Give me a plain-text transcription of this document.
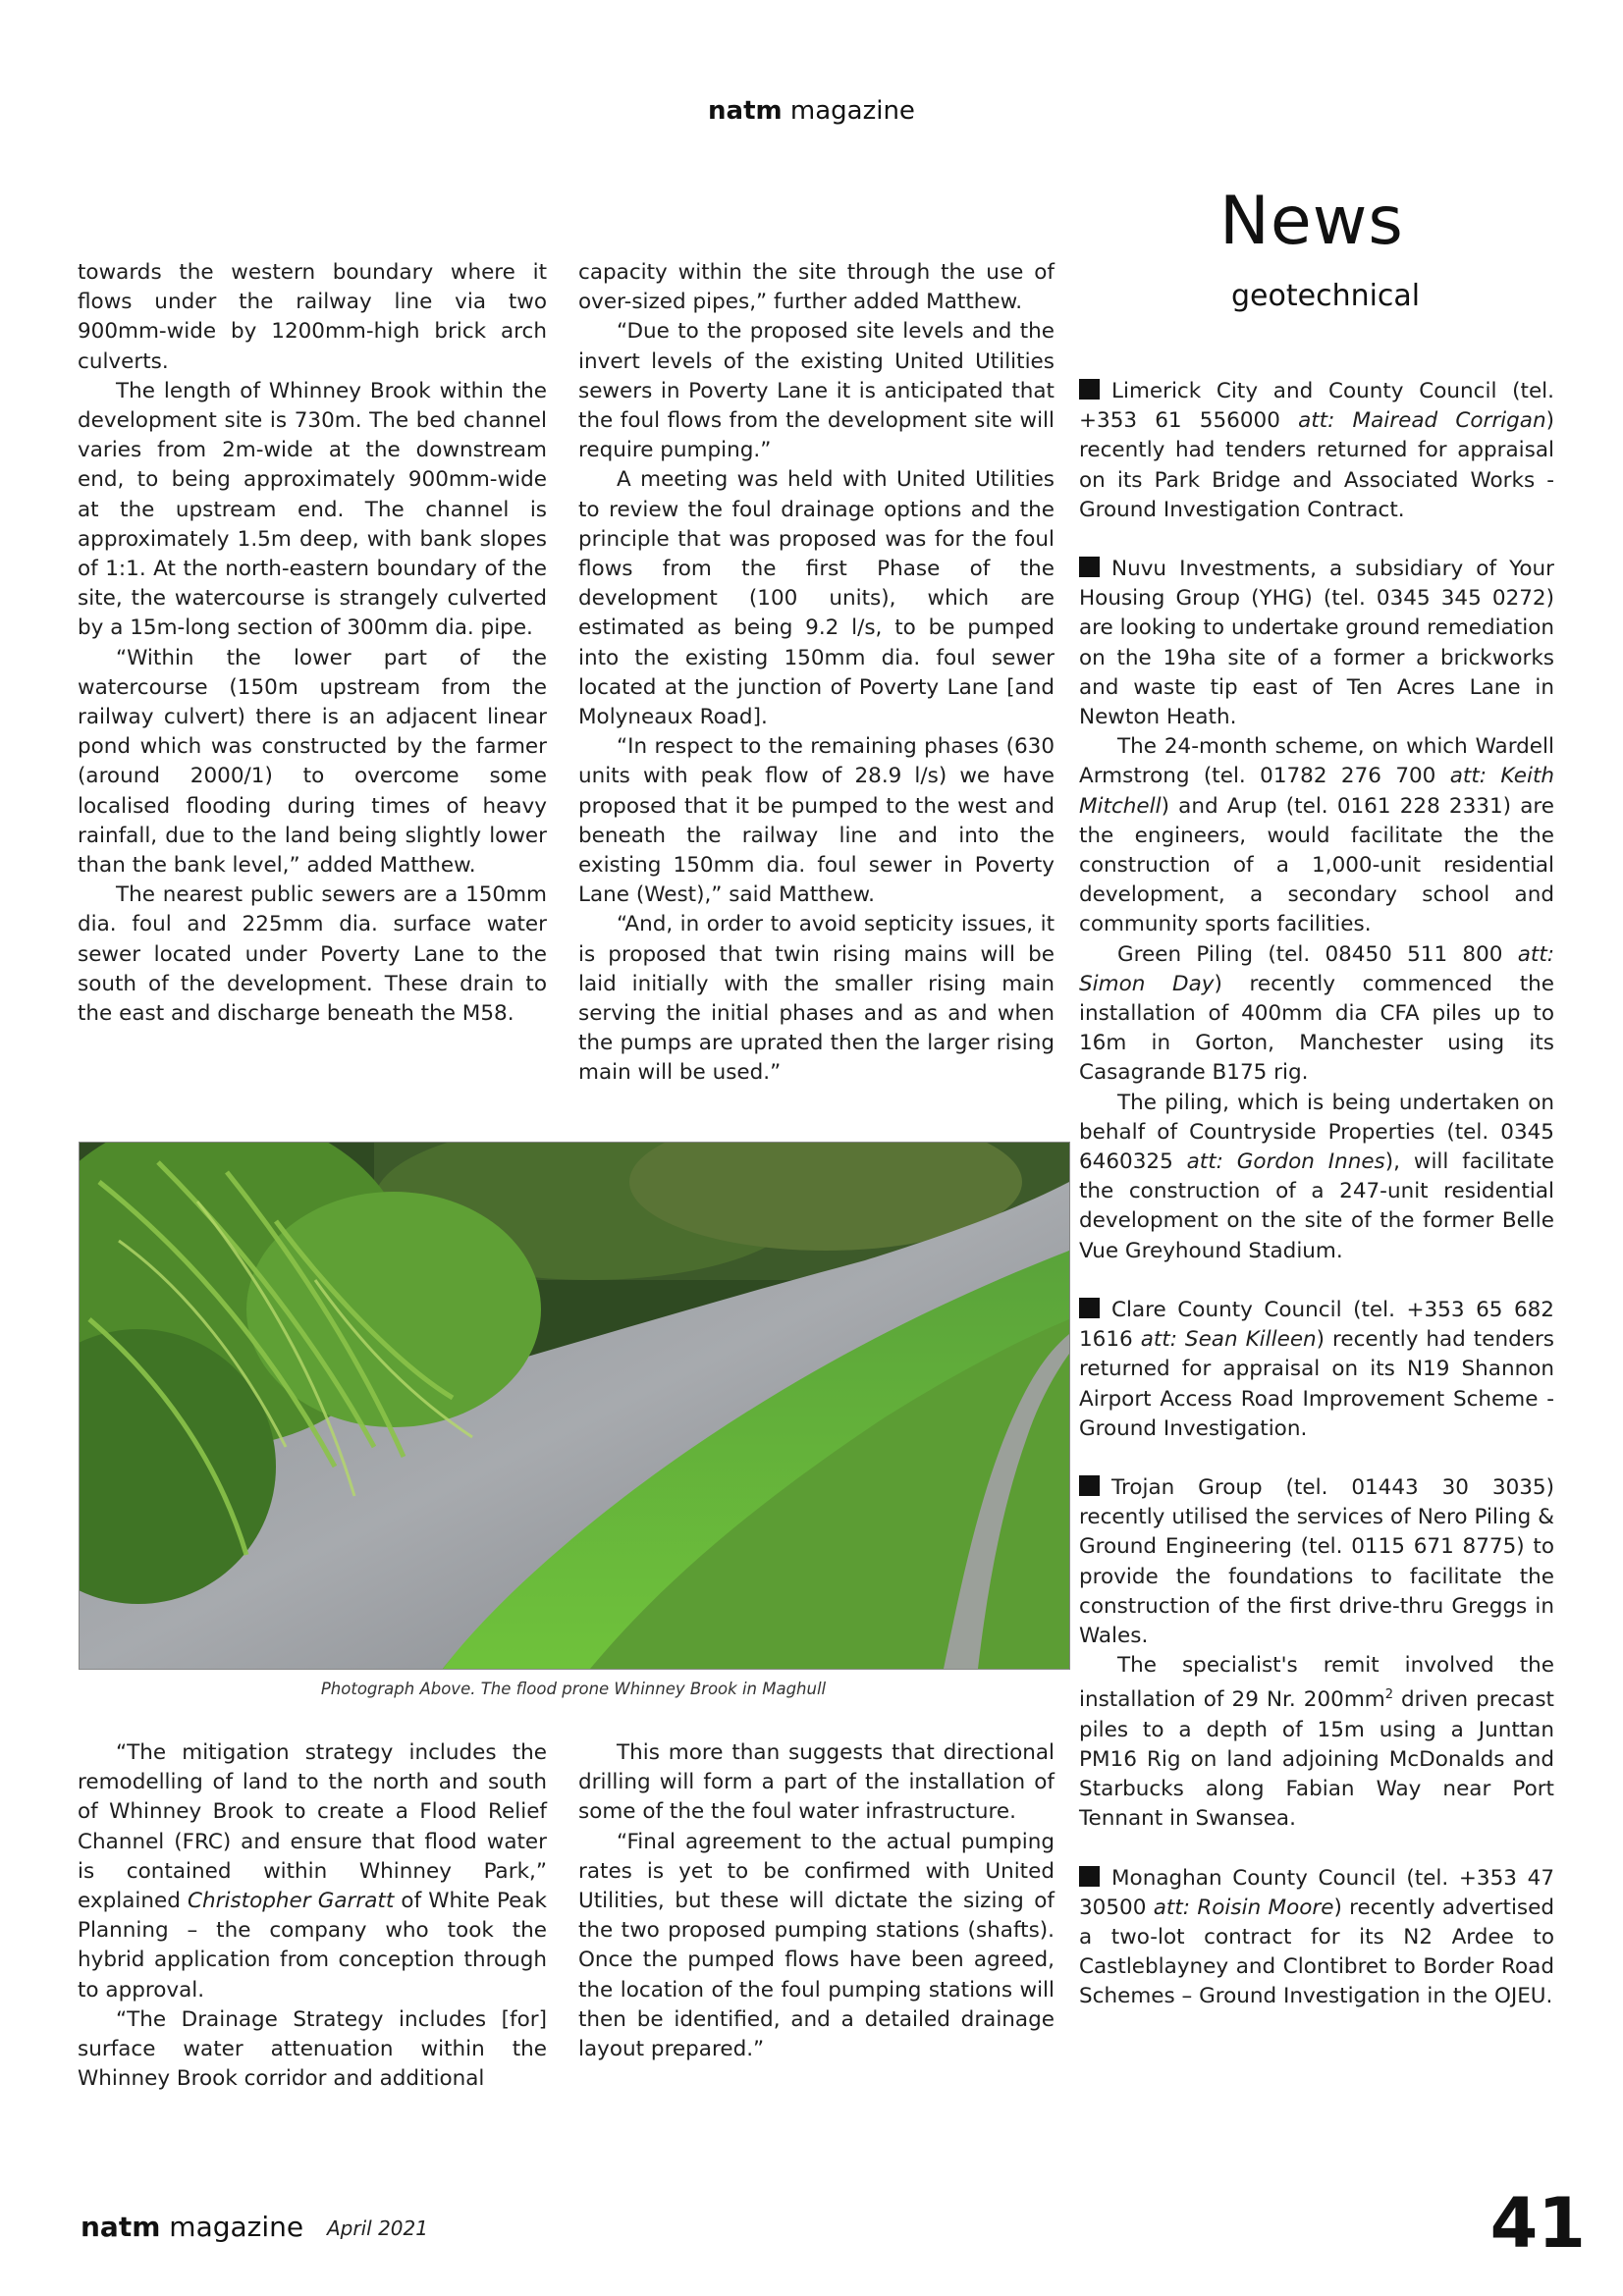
natm magazine
News
geotechnical

towards the western boundary where it flows under the railway line via two 900mm-wide by 1200mm-high brick arch culverts.

The length of Whinney Brook within the development site is 730m. The bed channel varies from 2m-wide at the downstream end, to being approximately 900mm-wide at the upstream end. The channel is approximately 1.5m deep, with bank slopes of 1:1. At the north-eastern boundary of the site, the watercourse is strangely culverted by a 15m-long section of 300mm dia. pipe.

“Within the lower part of the watercourse (150m upstream from the railway culvert) there is an adjacent linear pond which was constructed by the farmer (around 2000/1) to overcome some localised flooding during times of heavy rainfall, due to the land being slightly lower than the bank level,” added Matthew.

The nearest public sewers are a 150mm dia. foul and 225mm dia. surface water sewer located under Poverty Lane to the south of the development. These drain to the east and discharge beneath the M58.

capacity within the site through the use of over-sized pipes,” further added Matthew.

“Due to the proposed site levels and the invert levels of the existing United Utilities sewers in Poverty Lane it is anticipated that the foul flows from the development site will require pumping.”

A meeting was held with United Utilities to review the foul drainage options and the principle that was proposed was for the foul flows from the first Phase of the development (100 units), which are estimated as being 9.2 l/s, to be pumped into the existing 150mm dia. foul sewer located at the junction of Poverty Lane [and Molyneaux Road].

“In respect to the remaining phases (630 units with peak flow of 28.9 l/s) we have proposed that it be pumped to the west and beneath the railway line and into the existing 150mm dia. foul sewer in Poverty Lane (West),” said Matthew.

“And, in order to avoid septicity issues, it is proposed that twin rising mains will be laid initially with the smaller rising main serving the initial phases and as and when the pumps are uprated then the larger rising main will be used.”

Photograph Above. The flood prone Whinney Brook in Maghull

“The mitigation strategy includes the remodelling of land to the north and south of Whinney Brook to create a Flood Relief Channel (FRC) and ensure that flood water is contained within Whinney Park,” explained Christopher Garratt of White Peak Planning – the company who took the hybrid application from conception through to approval.

“The Drainage Strategy includes [for] surface water attenuation within the Whinney Brook corridor and additional

This more than suggests that directional drilling will form a part of the installation of some of the the foul water infrastructure.

“Final agreement to the actual pumping rates is yet to be confirmed with United Utilities, but these will dictate the sizing of the two proposed pumping stations (shafts). Once the pumped flows have been agreed, the location of the foul pumping stations will then be identified, and a detailed drainage layout prepared.”

Limerick City and County Council (tel. +353 61 556000 att: Mairead Corrigan) recently had tenders returned for appraisal on its Park Bridge and Associated Works - Ground Investigation Contract.

Nuvu Investments, a subsidiary of Your Housing Group (YHG) (tel. 0345 345 0272) are looking to undertake ground remediation on the 19ha site of a former a brickworks and waste tip east of Ten Acres Lane in Newton Heath.

The 24-month scheme, on which Wardell Armstrong (tel. 01782 276 700 att: Keith Mitchell) and Arup (tel. 0161 228 2331) are the engineers, would facilitate the the construction of a 1,000-unit residential development, a secondary school and community sports facilities.

Green Piling (tel. 08450 511 800 att: Simon Day) recently commenced the installation of 400mm dia CFA piles up to 16m in Gorton, Manchester using its Casagrande B175 rig.

The piling, which is being undertaken on behalf of Countryside Properties (tel. 0345 6460325 att: Gordon Innes), will facilitate the construction of a 247-unit residential development on the site of the former Belle Vue Greyhound Stadium.

Clare County Council (tel. +353 65 682 1616 att: Sean Killeen) recently had tenders returned for appraisal on its N19 Shannon Airport Access Road Improvement Scheme - Ground Investigation.

Trojan Group (tel. 01443 30 3035) recently utilised the services of Nero Piling & Ground Engineering (tel. 0115 671 8775) to provide the foundations to facilitate the construction of the first drive-thru Greggs in Wales.

The specialist's remit involved the installation of 29 Nr. $200mm^2$ driven precast piles to a depth of 15m using a Junttan PM16 Rig on land adjoining McDonalds and Starbucks along Fabian Way near Port Tennant in Swansea.

Monaghan County Council (tel. +353 47 30500 att: Roisin Moore) recently advertised a two-lot contract for its N2 Ardee to Castleblayney and Clontibret to Border Road Schemes – Ground Investigation in the OJEU.

natm magazine April 2021	41
